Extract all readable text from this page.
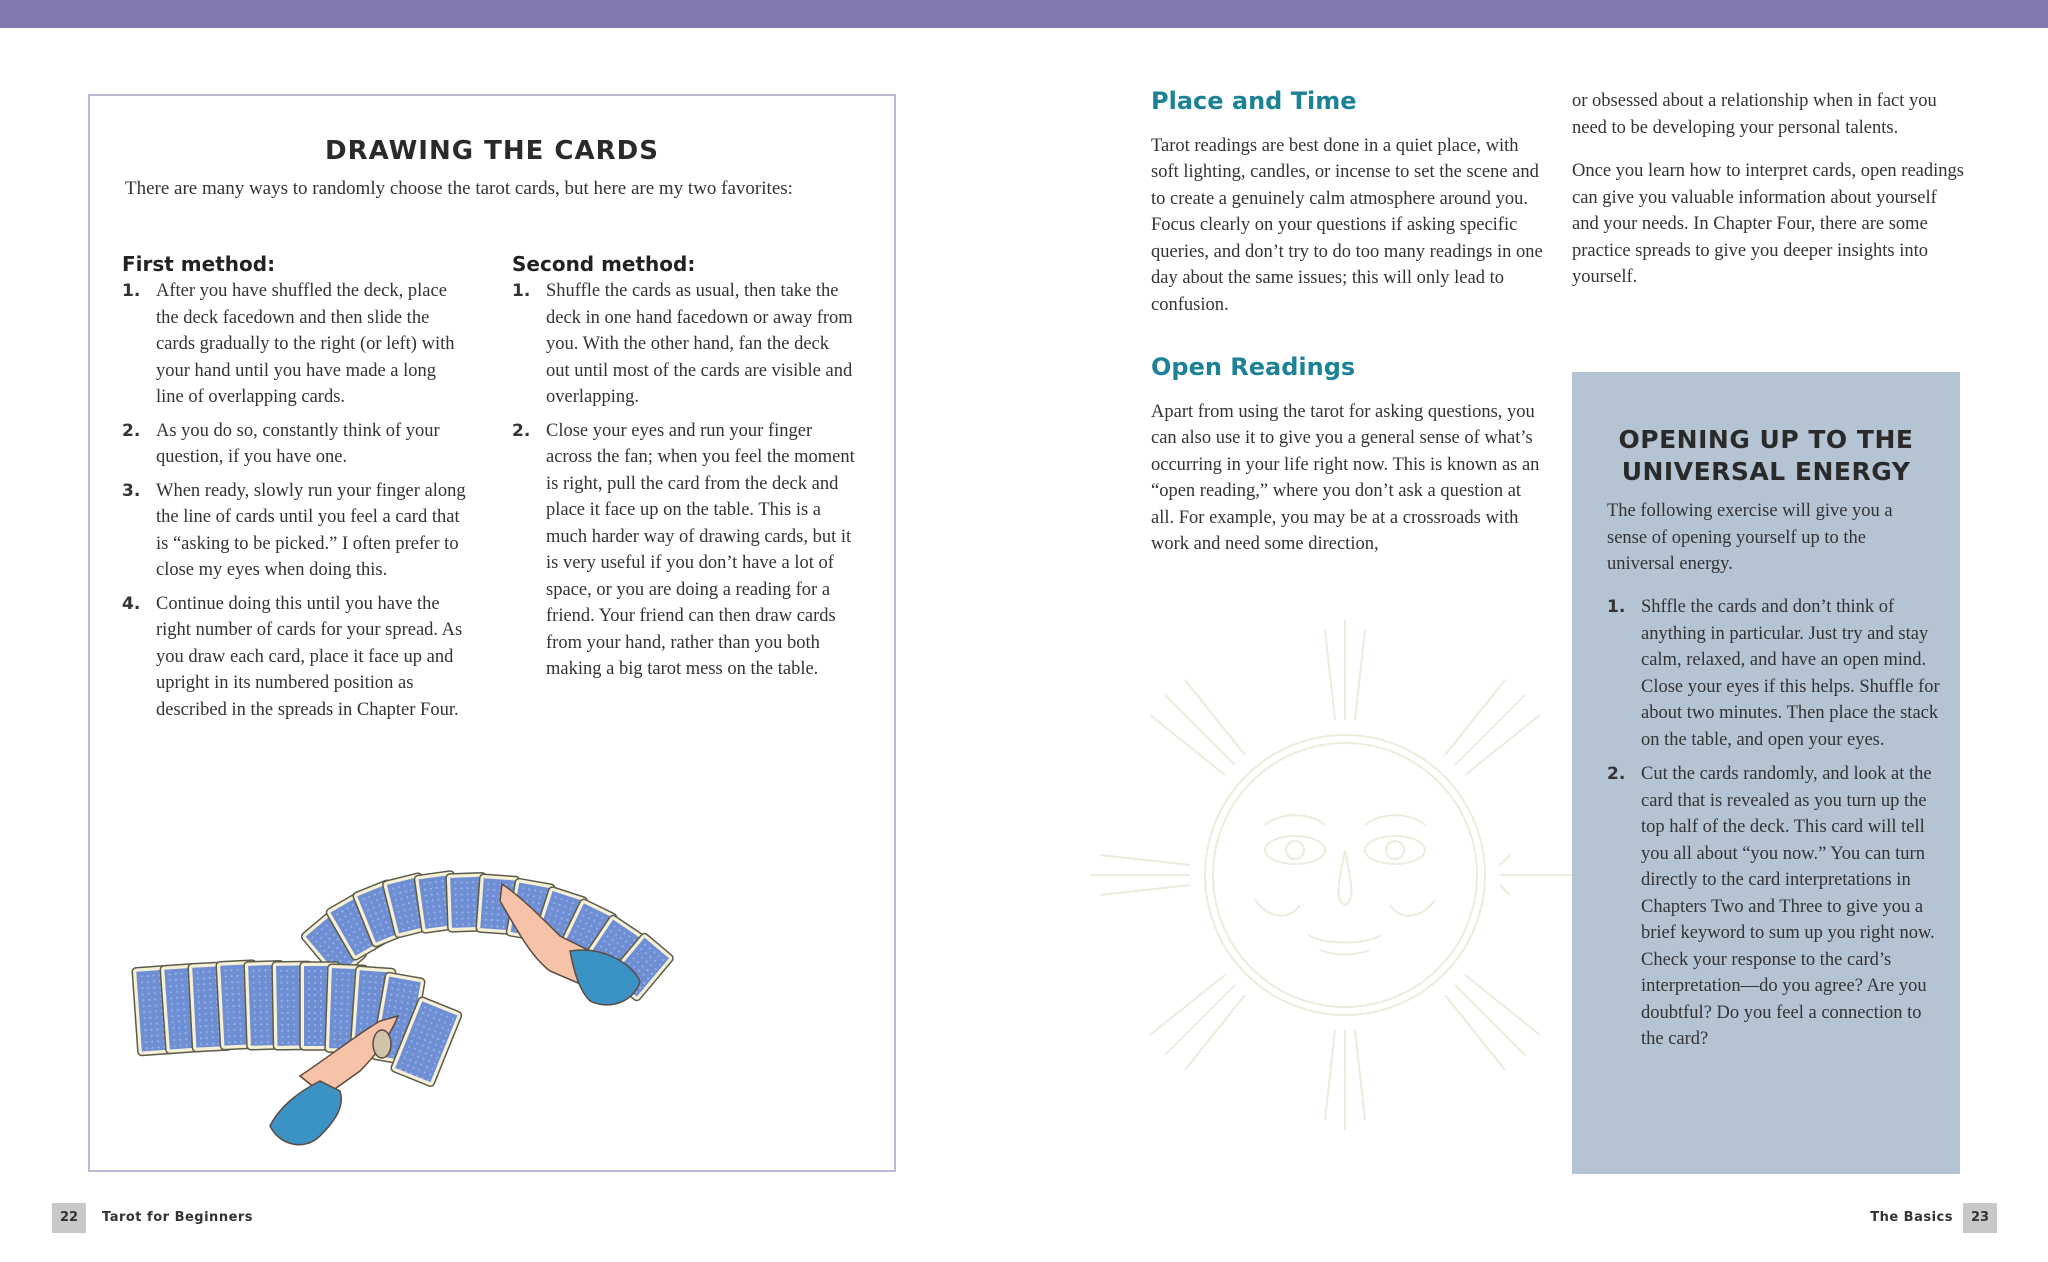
DRAWING THE CARDS
There are many ways to randomly choose the tarot cards, but here are my two favorites:
First method:
1. After you have shuffled the deck, place the deck facedown and then slide the cards gradually to the right (or left) with your hand until you have made a long line of overlapping cards.
2. As you do so, constantly think of your question, if you have one.
3. When ready, slowly run your finger along the line of cards until you feel a card that is “asking to be picked.” I often prefer to close my eyes when doing this.
4. Continue doing this until you have the right number of cards for your spread. As you draw each card, place it face up and upright in its numbered position as described in the spreads in Chapter Four.
Second method:
1. Shuffle the cards as usual, then take the deck in one hand facedown or away from you. With the other hand, fan the deck out until most of the cards are visible and overlapping.
2. Close your eyes and run your finger across the fan; when you feel the moment is right, pull the card from the deck and place it face up on the table. This is a much harder way of drawing cards, but it is very useful if you don’t have a lot of space, or you are doing a reading for a friend. Your friend can then draw cards from your hand, rather than you both making a big tarot mess on the table.
Place and Time

Tarot readings are best done in a quiet place, with soft lighting, candles, or incense to set the scene and to create a genuinely calm atmosphere around you. Focus clearly on your questions if asking specific queries, and don’t try to do too many readings in one day about the same issues; this will only lead to confusion.

Open Readings

Apart from using the tarot for asking questions, you can also use it to give you a general sense of what’s occurring in your life right now. This is known as an “open reading,” where you don’t ask a question at all. For example, you may be at a crossroads with work and need some direction,

or obsessed about a relationship when in fact you need to be developing your personal talents.

Once you learn how to interpret cards, open readings can give you valuable information about yourself and your needs. In Chapter Four, there are some practice spreads to give you deeper insights into yourself.

OPENING UP TO THE
UNIVERSAL ENERGY
The following exercise will give you a sense of opening yourself up to the universal energy.
1. Shffle the cards and don’t think of anything in particular. Just try and stay calm, relaxed, and have an open mind. Close your eyes if this helps. Shuffle for about two minutes. Then place the stack on the table, and open your eyes.
2. Cut the cards randomly, and look at the card that is revealed as you turn up the top half of the deck. This card will tell you all about “you now.” You can turn directly to the card interpretations in Chapters Two and Three to give you a brief keyword to sum up you right now. Check your response to the card’s interpretation—do you agree? Are you doubtful? Do you feel a connection to the card?
22	Tarot for Beginners	The Basics	23
